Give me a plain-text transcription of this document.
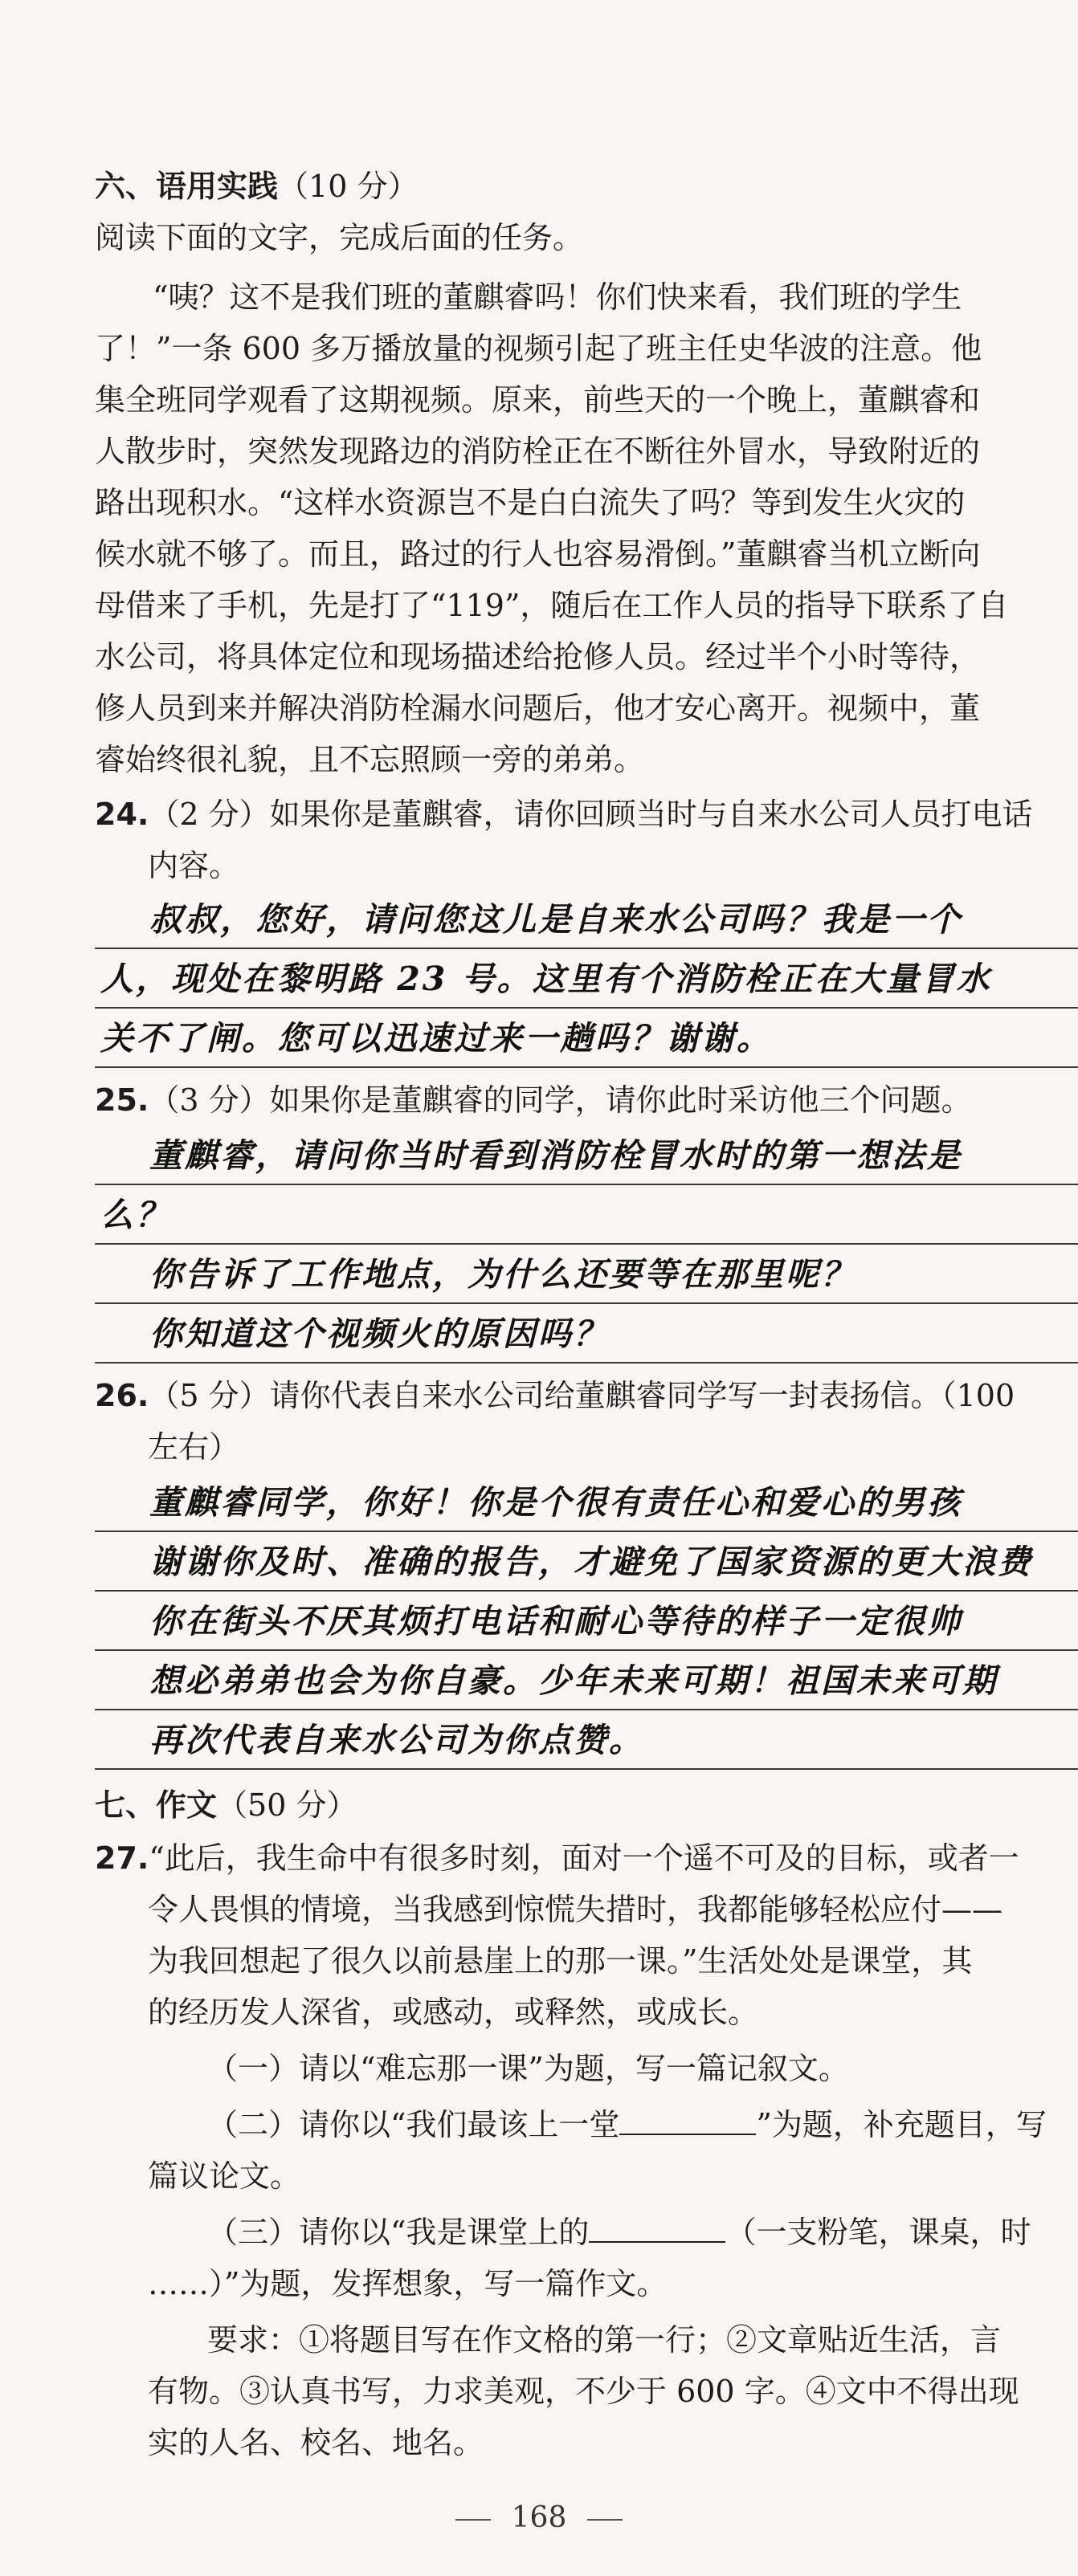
六、语用实践（10 分）
阅读下面的文字，完成后面的任务。
“咦？这不是我们班的董麒睿吗！你们快来看，我们班的学生
了！”一条 600 多万播放量的视频引起了班主任史华波的注意。他
集全班同学观看了这期视频。原来，前些天的一个晚上，董麒睿和
人散步时，突然发现路边的消防栓正在不断往外冒水，导致附近的
路出现积水。“这样水资源岂不是白白流失了吗？等到发生火灾的
候水就不够了。而且，路过的行人也容易滑倒。”董麒睿当机立断向
母借来了手机，先是打了“119”，随后在工作人员的指导下联系了自
水公司，将具体定位和现场描述给抢修人员。经过半个小时等待，
修人员到来并解决消防栓漏水问题后，他才安心离开。视频中，董
睿始终很礼貌，且不忘照顾一旁的弟弟。
24.（2 分）如果你是董麒睿，请你回顾当时与自来水公司人员打电话
内容。
叔叔，您好，请问您这儿是自来水公司吗？我是一个
人，现处在黎明路 23 号。这里有个消防栓正在大量冒水
关不了闸。您可以迅速过来一趟吗？谢谢。
25.（3 分）如果你是董麒睿的同学，请你此时采访他三个问题。
董麒睿，请问你当时看到消防栓冒水时的第一想法是
么？
你告诉了工作地点，为什么还要等在那里呢？
你知道这个视频火的原因吗？
26.（5 分）请你代表自来水公司给董麒睿同学写一封表扬信。（100
左右）
董麒睿同学，你好！你是个很有责任心和爱心的男孩
谢谢你及时、准确的报告，才避免了国家资源的更大浪费
你在街头不厌其烦打电话和耐心等待的样子一定很帅
想必弟弟也会为你自豪。少年未来可期！祖国未来可期
再次代表自来水公司为你点赞。
七、作文（50 分）
27.“此后，我生命中有很多时刻，面对一个遥不可及的目标，或者一
令人畏惧的情境，当我感到惊慌失措时，我都能够轻松应付——
为我回想起了很久以前悬崖上的那一课。”生活处处是课堂，其
的经历发人深省，或感动，或释然，或成长。
（一）请以“难忘那一课”为题，写一篇记叙文。
（二）请你以“我们最该上一堂	”为题，补充题目，写
篇议论文。
（三）请你以“我是课堂上的	（一支粉笔，课桌，时
……）”为题，发挥想象，写一篇作文。
要求：①将题目写在作文格的第一行；②文章贴近生活，言
有物。③认真书写，力求美观，不少于 600 字。④文中不得出现
实的人名、校名、地名。
168
